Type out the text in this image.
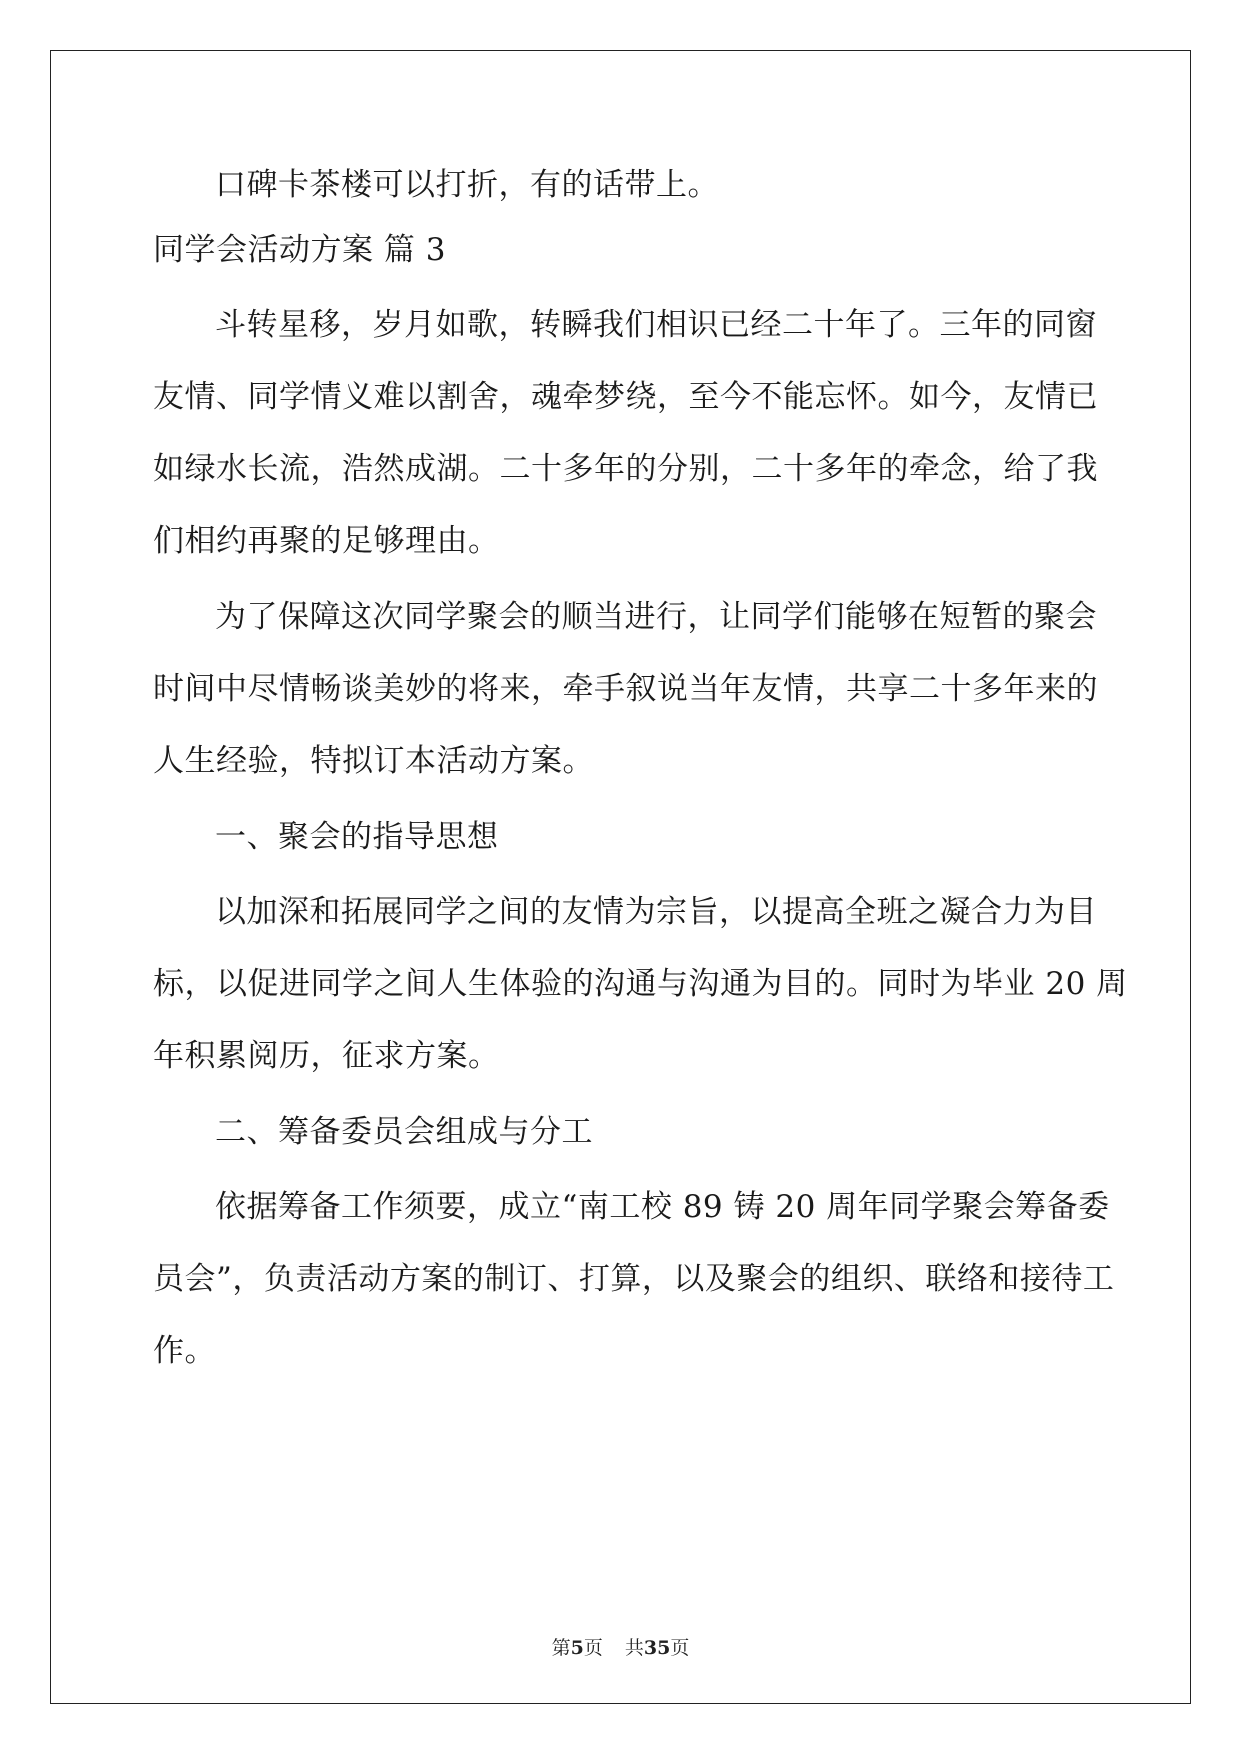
口碑卡茶楼可以打折，有的话带上。
同学会活动方案 篇 3
斗转星移，岁月如歌，转瞬我们相识已经二十年了。三年的同窗
友情、同学情义难以割舍，魂牵梦绕，至今不能忘怀。如今，友情已
如绿水长流，浩然成湖。二十多年的分别，二十多年的牵念，给了我
们相约再聚的足够理由。
为了保障这次同学聚会的顺当进行，让同学们能够在短暂的聚会
时间中尽情畅谈美妙的将来，牵手叙说当年友情，共享二十多年来的
人生经验，特拟订本活动方案。
一、聚会的指导思想
以加深和拓展同学之间的友情为宗旨，以提高全班之凝合力为目
标，以促进同学之间人生体验的沟通与沟通为目的。同时为毕业 20 周
年积累阅历，征求方案。
二、筹备委员会组成与分工
依据筹备工作须要，成立“南工校 89 铸 20 周年同学聚会筹备委
员会”，负责活动方案的制订、打算，以及聚会的组织、联络和接待工
作。
第5页 共35页
